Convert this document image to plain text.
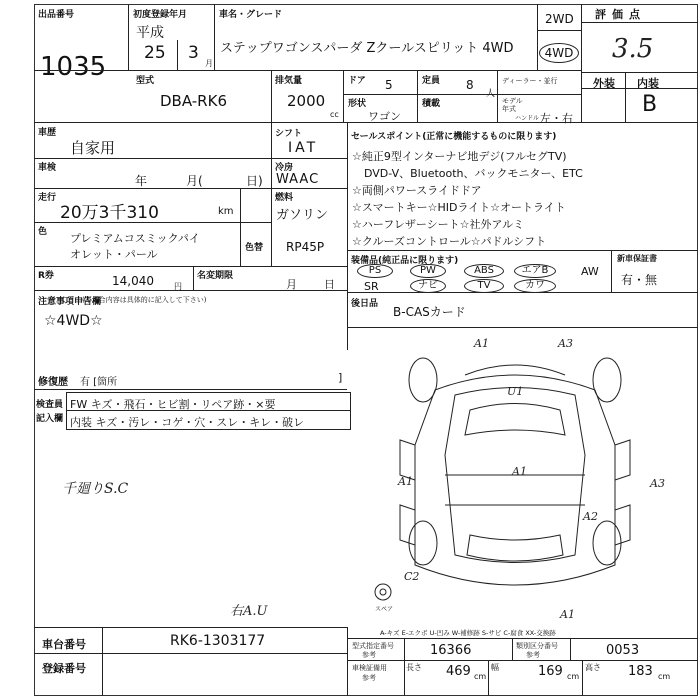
出品番号
1035
初度登録年月
平成
25 3
月
車名・グレード
ステップワゴンスパーダ Zクールスピリット 4WD
2WD
4WD
評価点
3.5
外装 内装
B
型式
DBA-RK6
排気量
2000
cc
ドア 5	定員 8
人
ディーラー・並行
形状
ワゴン
積載	モデル年式
ハンドル 左・右
車歴
自家用
車検
年	月(	日)
走行
20万3千310	km
色 プレミアムコスミックパイ
オレット・パール	色替 RP45P
R券	14,040	円
名変期限
月 日
シフト
IAT
冷房
WAAC
燃料
ガソリン
セールスポイント(正常に機能するものに限ります)
☆純正9型インターナビ地デジ(フルセグTV)
DVD-V、Bluetooth、バックモニター、ETC
☆両側パワースライドドア
☆スマートキー☆HIDライト☆オートライト
☆ハーフレザーシート☆社外アルミ
☆クルーズコントロール☆パドルシフト
装備品(純正品に限ります)
PS	PW	ABS	エアB	AW
SR	ナビ	TV	カワ
新車保証書
有・無
注意事項申告欄
(不具合内容は具体的に記入して下さい)
☆4WD☆
修復歴 有 [箇所	]
後日品
B-CASカード
検査員
記入欄
FW キズ・飛石・ヒビ割・リペア跡・×要
内装 キズ・汚レ・コゲ・穴・スレ・キレ・破レ
千廻りS.C
右A.U	スペア
A1	A3
U1
A1
A1
A3
A2
C2
A1
A-キズ E-エクボ U-凹み W-補修跡 S-サビ C-腐食 XX-交換跡
車台番号	RK6-1303177
登録番号
型式指定番号
参考	16366	類別区分番号
参考	0053
車検証備用
参考
長さ 469 cm
幅	169 cm
高さ 183 cm
